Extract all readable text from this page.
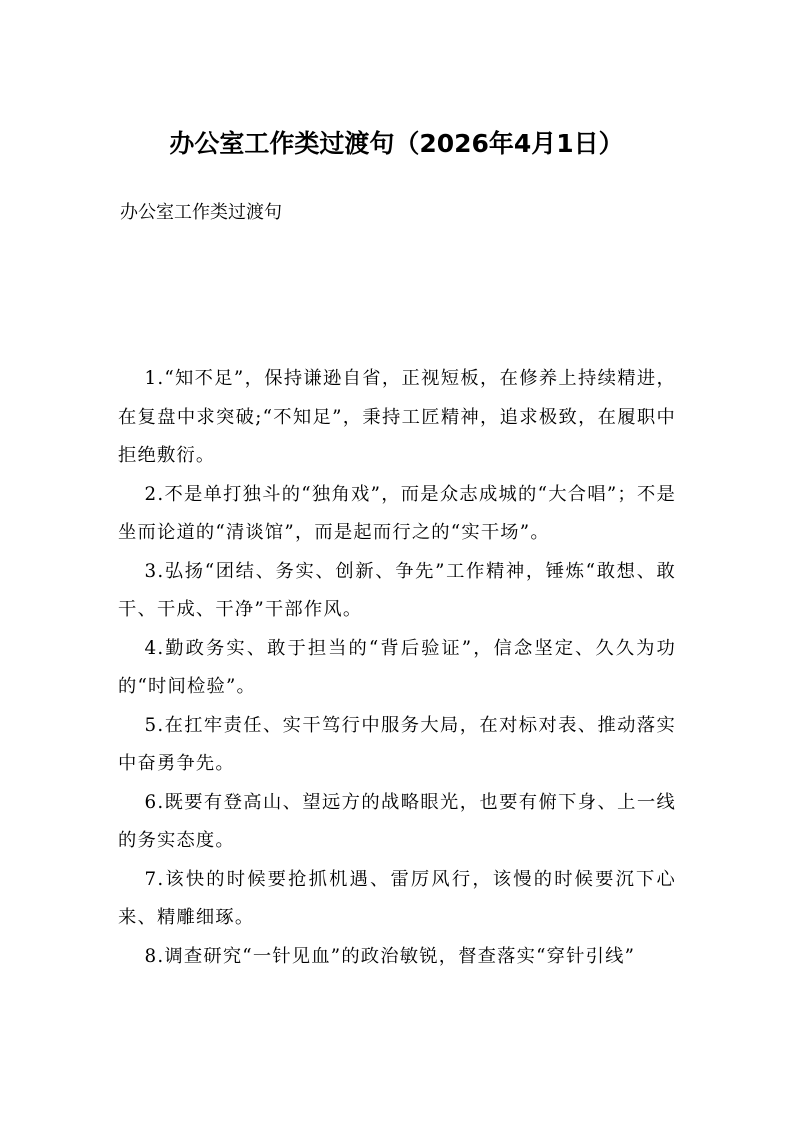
办公室工作类过渡句（2026年4月1日）
办公室工作类过渡句

1.“知不足”，保持谦逊自省，正视短板，在修养上持续精进，在复盘中求突破;“不知足”，秉持工匠精神，追求极致，在履职中拒绝敷衍。

2.不是单打独斗的“独角戏”，而是众志成城的“大合唱”；不是坐而论道的“清谈馆”，而是起而行之的“实干场”。

3.弘扬“团结、务实、创新、争先”工作精神，锤炼“敢想、敢干、干成、干净”干部作风。

4.勤政务实、敢于担当的“背后验证”，信念坚定、久久为功的“时间检验”。

5.在扛牢责任、实干笃行中服务大局，在对标对表、推动落实中奋勇争先。

6.既要有登高山、望远方的战略眼光，也要有俯下身、上一线的务实态度。

7.该快的时候要抢抓机遇、雷厉风行，该慢的时候要沉下心来、精雕细琢。

8.调查研究“一针见血”的政治敏锐，督查落实“穿针引线”
